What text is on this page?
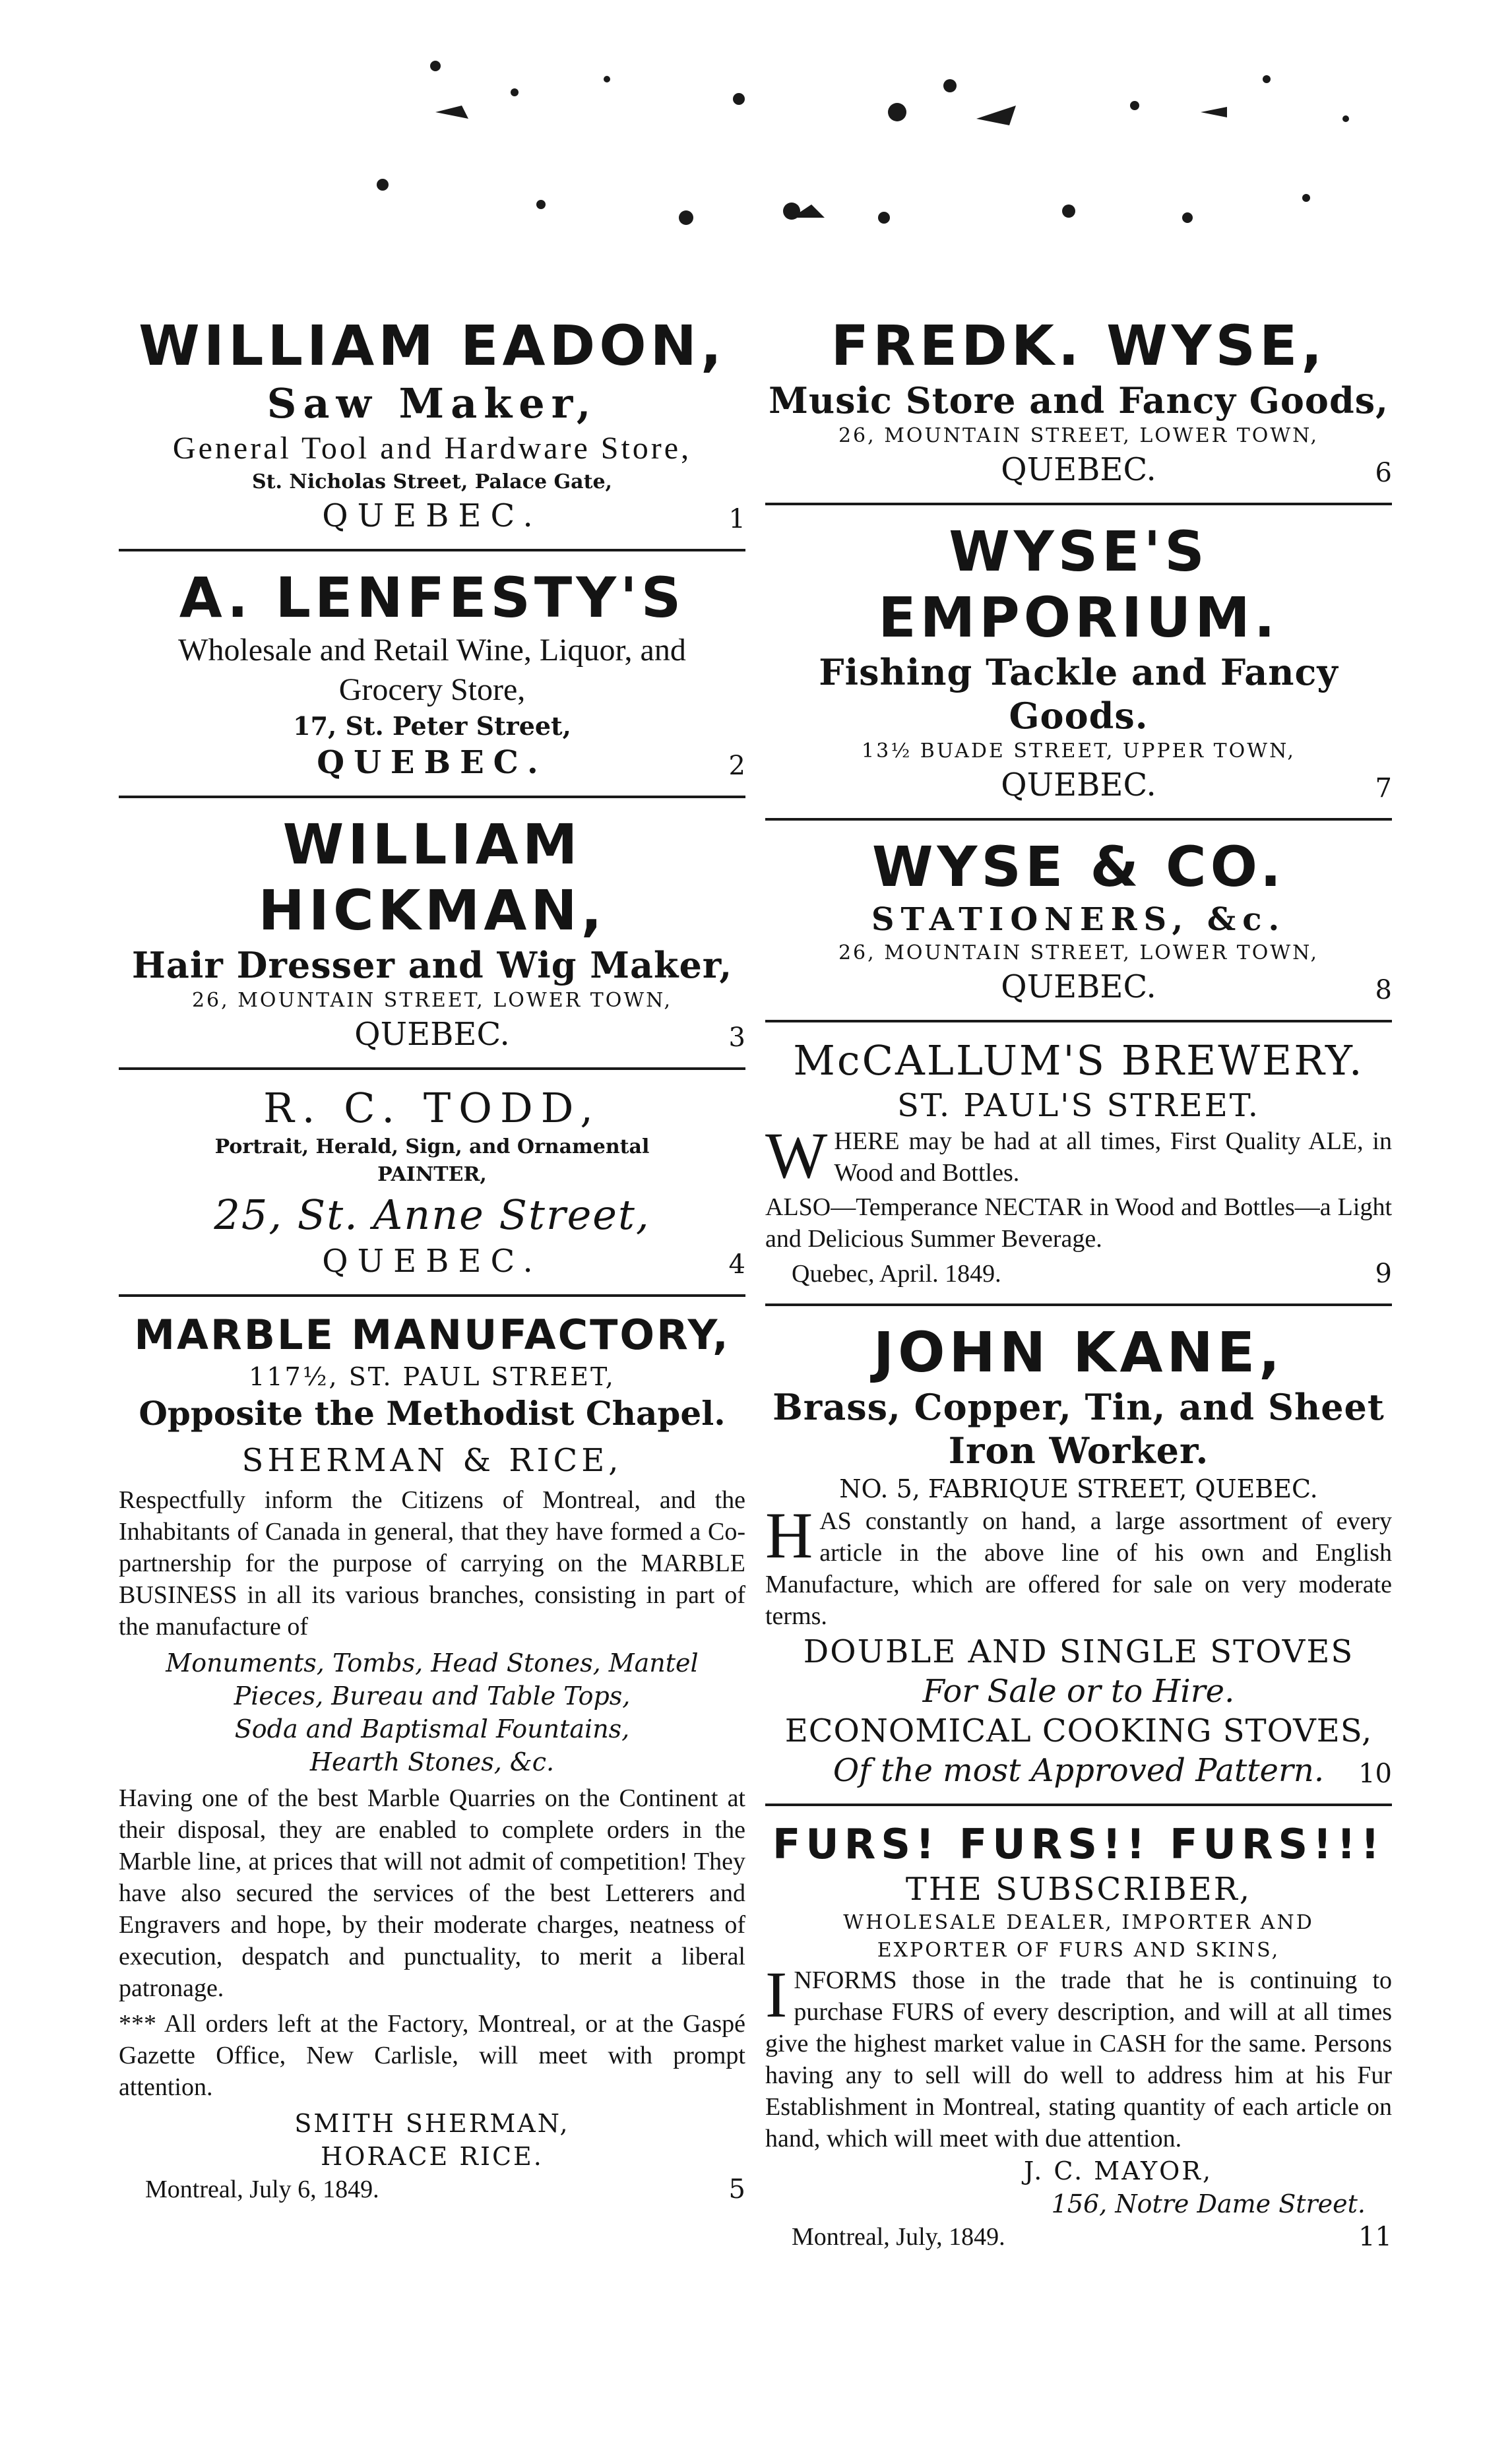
WILLIAM EADON,
Saw Maker,
General Tool and Hardware Store,
St. Nicholas Street, Palace Gate,
QUEBEC.	1
A. LENFESTY'S
Wholesale and Retail Wine, Liquor, and Grocery Store,
17, St. Peter Street,
QUEBEC.	2
WILLIAM HICKMAN,
Hair Dresser and Wig Maker,
26, MOUNTAIN STREET, LOWER TOWN,
QUEBEC.	3
R. C. TODD,
Portrait, Herald, Sign, and Ornamental
PAINTER,
25, St. Anne Street,
QUEBEC.	4
MARBLE MANUFACTORY,
117½, ST. PAUL STREET,
Opposite the Methodist Chapel.
SHERMAN & RICE,

Respectfully inform the Citizens of Montreal, and the Inhabitants of Canada in general, that they have formed a Co-partnership for the purpose of carrying on the MARBLE BUSINESS in all its various branches, consisting in part of the manufacture of

Monuments, Tombs, Head Stones, Mantel
Pieces, Bureau and Table Tops,
Soda and Baptismal Fountains,
Hearth Stones, &c.

Having one of the best Marble Quarries on the Continent at their disposal, they are enabled to complete orders in the Marble line, at prices that will not admit of competition! They have also secured the services of the best Letterers and Engravers and hope, by their moderate charges, neatness of execution, despatch and punctuality, to merit a liberal patronage.

*** All orders left at the Factory, Montreal, or at the Gaspé Gazette Office, New Carlisle, will meet with prompt attention.

SMITH SHERMAN,
HORACE RICE.
Montreal, July 6, 1849.	5
FREDK. WYSE,
Music Store and Fancy Goods,
26, MOUNTAIN STREET, LOWER TOWN,
QUEBEC.	6
WYSE'S EMPORIUM.
Fishing Tackle and Fancy Goods.
13½ BUADE STREET, UPPER TOWN,
QUEBEC.	7
WYSE & CO.
STATIONERS, &c.
26, MOUNTAIN STREET, LOWER TOWN,
QUEBEC.	8
McCALLUM'S BREWERY.
ST. PAUL'S STREET.
W HERE may be had at all times, First Quality ALE, in Wood and Bottles.

ALSO—Temperance NECTAR in Wood and Bottles—a Light and Delicious Summer Beverage.

Quebec, April. 1849.	9
JOHN KANE,
Brass, Copper, Tin, and Sheet Iron Worker.
NO. 5, FABRIQUE STREET, QUEBEC.
H AS constantly on hand, a large assortment of every article in the above line of his own and English Manufacture, which are offered for sale on very moderate terms.
DOUBLE AND SINGLE STOVES
For Sale or to Hire.
ECONOMICAL COOKING STOVES,
Of the most Approved Pattern.	10
FURS! FURS!! FURS!!!
THE SUBSCRIBER,
WHOLESALE DEALER, IMPORTER AND EXPORTER OF FURS AND SKINS,
I NFORMS those in the trade that he is continuing to purchase FURS of every description, and will at all times give the highest market value in CASH for the same. Persons having any to sell will do well to address him at his Fur Establishment in Montreal, stating quantity of each article on hand, which will meet with due attention.
J. C. MAYOR,
156, Notre Dame Street.
Montreal, July, 1849.	11
